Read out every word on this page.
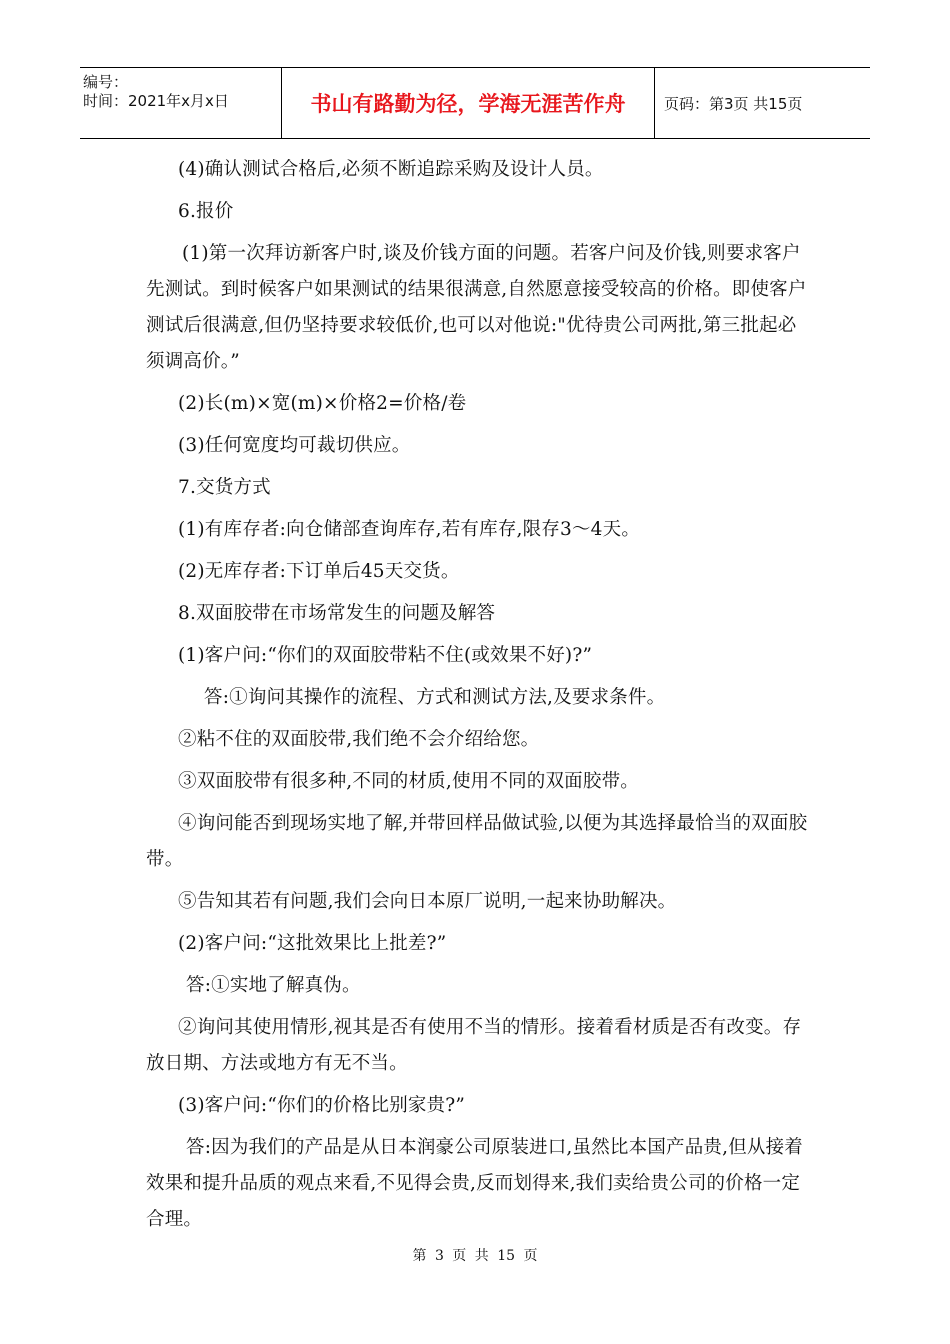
编号：
时间：2021年x月x日	书山有路勤为径，学海无涯苦作舟	页码：第3页 共15页

(4)确认测试合格后,必须不断追踪采购及设计人员。

6.报价

(1)第一次拜访新客户时,谈及价钱方面的问题。若客户问及价钱,则要求客户先测试。到时候客户如果测试的结果很满意,自然愿意接受较高的价格。即使客户测试后很满意,但仍坚持要求较低价,也可以对他说:"优待贵公司两批,第三批起必须调高价。”

(2)长(m)×宽(m)×价格2=价格/卷

(3)任何宽度均可裁切供应。

7.交货方式

(1)有库存者:向仓储部查询库存,若有库存,限存3～4天。

(2)无库存者:下订单后45天交货。

8.双面胶带在市场常发生的问题及解答

(1)客户问:“你们的双面胶带粘不住(或效果不好)?”

答:①询问其操作的流程、方式和测试方法,及要求条件。

②粘不住的双面胶带,我们绝不会介绍给您。

③双面胶带有很多种,不同的材质,使用不同的双面胶带。

④询问能否到现场实地了解,并带回样品做试验,以便为其选择最恰当的双面胶带。

⑤告知其若有问题,我们会向日本原厂说明,一起来协助解决。

(2)客户问:“这批效果比上批差?”

答:①实地了解真伪。

②询问其使用情形,视其是否有使用不当的情形。接着看材质是否有改变。存放日期、方法或地方有无不当。

(3)客户问:“你们的价格比别家贵?”

答:因为我们的产品是从日本润豪公司原装进口,虽然比本国产品贵,但从接着效果和提升品质的观点来看,不见得会贵,反而划得来,我们卖给贵公司的价格一定合理。

第 3 页 共 15 页
